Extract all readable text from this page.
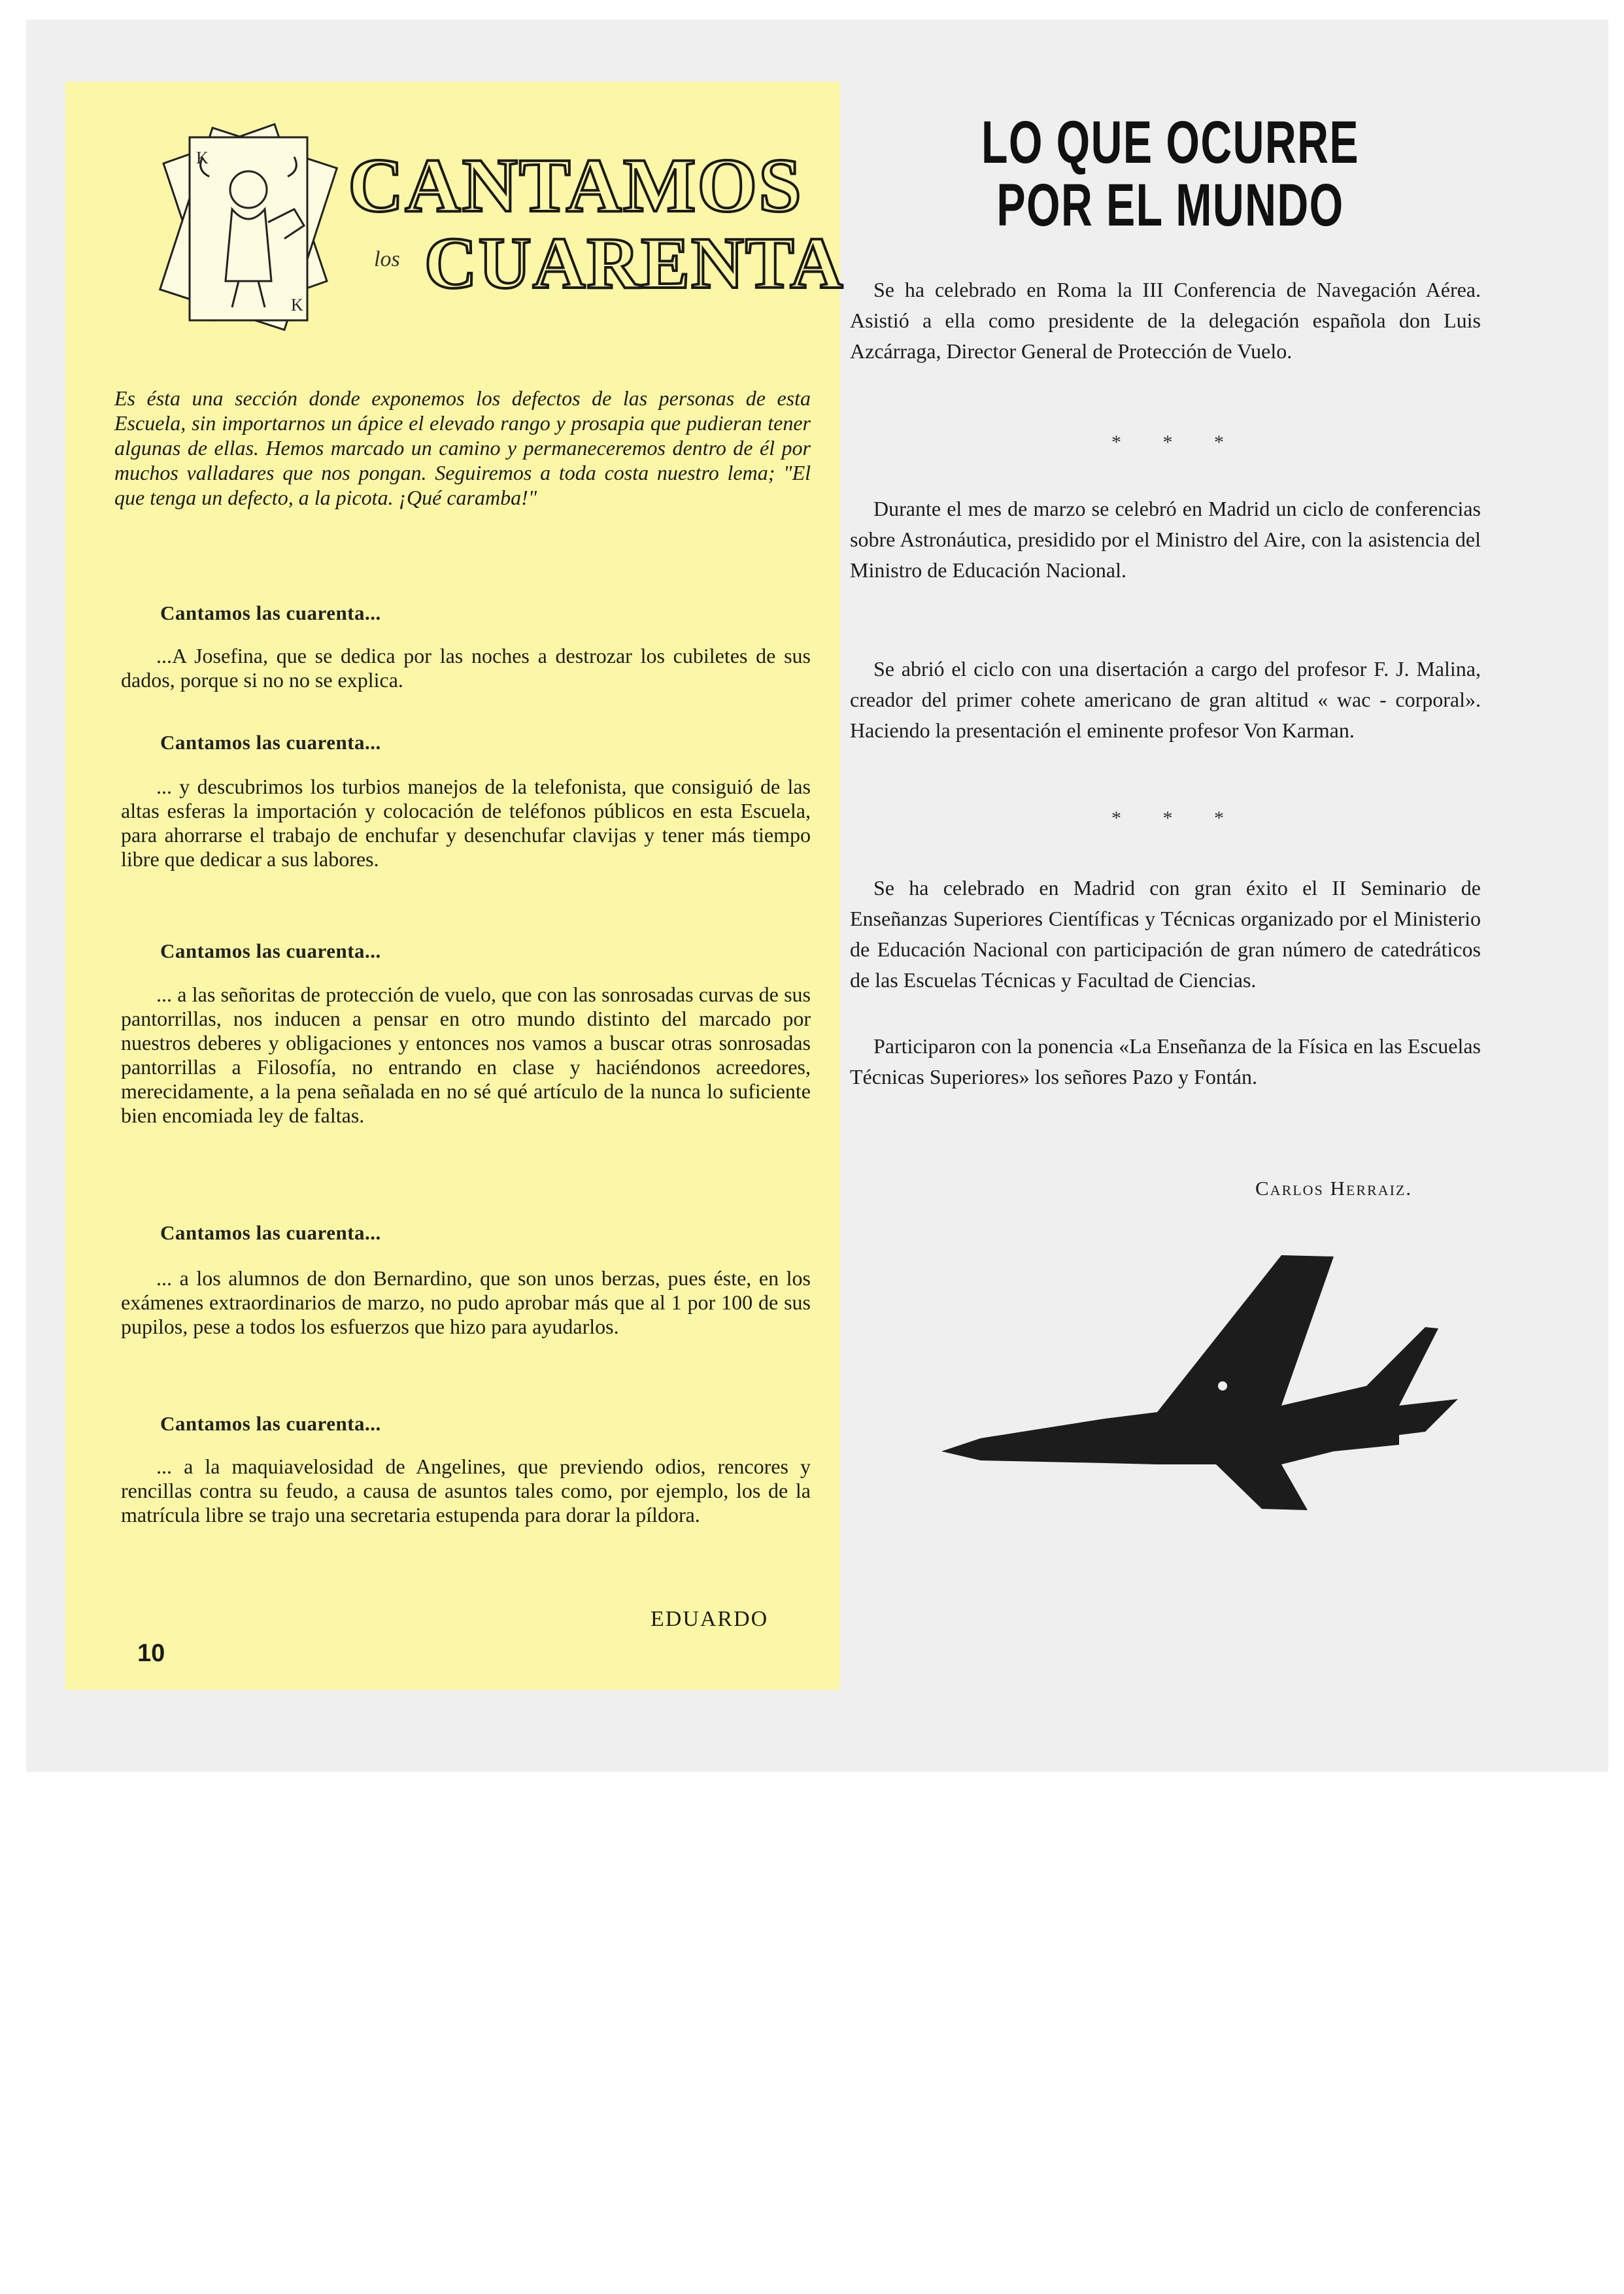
K
K
CANTAMOS
los CUARENTA
Es ésta una sección donde exponemos los defectos de las personas de esta Escuela, sin importarnos un ápice el elevado rango y prosapia que pudieran tener algunas de ellas. Hemos marcado un camino y permaneceremos dentro de él por muchos valladares que nos pongan. Seguiremos a toda costa nuestro lema; "El que tenga un defecto, a la picota. ¡Qué caramba!"
Cantamos las cuarenta...

...A Josefina, que se dedica por las noches a destrozar los cubiletes de sus dados, porque si no no se explica.

Cantamos las cuarenta...

... y descubrimos los turbios manejos de la telefonista, que consiguió de las altas esferas la importación y colocación de teléfonos públicos en esta Escuela, para ahorrarse el trabajo de enchufar y desenchufar clavijas y tener más tiempo libre que dedicar a sus labores.

Cantamos las cuarenta...

... a las señoritas de protección de vuelo, que con las sonrosadas curvas de sus pantorrillas, nos inducen a pensar en otro mundo distinto del marcado por nuestros deberes y obligaciones y entonces nos vamos a buscar otras sonrosadas pantorrillas a Filosofía, no entrando en clase y haciéndonos acreedores, merecidamente, a la pena señalada en no sé qué artículo de la nunca lo suficiente bien encomiada ley de faltas.

Cantamos las cuarenta...

... a los alumnos de don Bernardino, que son unos berzas, pues éste, en los exámenes extraordinarios de marzo, no pudo aprobar más que al 1 por 100 de sus pupilos, pese a todos los esfuerzos que hizo para ayudarlos.

Cantamos las cuarenta...

... a la maquiavelosidad de Angelines, que previendo odios, rencores y rencillas contra su feudo, a causa de asuntos tales como, por ejemplo, los de la matrícula libre se trajo una secretaria estupenda para dorar la píldora.

EDUARDO
10
LO QUE OCURRE POR EL MUNDO

Se ha celebrado en Roma la III Conferencia de Navegación Aérea. Asistió a ella como presidente de la delegación española don Luis Azcárraga, Director General de Protección de Vuelo.

* * *

Durante el mes de marzo se celebró en Madrid un ciclo de conferencias sobre Astronáutica, presidido por el Ministro del Aire, con la asistencia del Ministro de Educación Nacional.

Se abrió el ciclo con una disertación a cargo del profesor F. J. Malina, creador del primer cohete americano de gran altitud « wac - corporal». Haciendo la presentación el eminente profesor Von Karman.

* * *

Se ha celebrado en Madrid con gran éxito el II Seminario de Enseñanzas Superiores Científicas y Técnicas organizado por el Ministerio de Educación Nacional con participación de gran número de catedráticos de las Escuelas Técnicas y Facultad de Ciencias.

Participaron con la ponencia «La Enseñanza de la Física en las Escuelas Técnicas Superiores» los señores Pazo y Fontán.

Carlos Herraiz.
